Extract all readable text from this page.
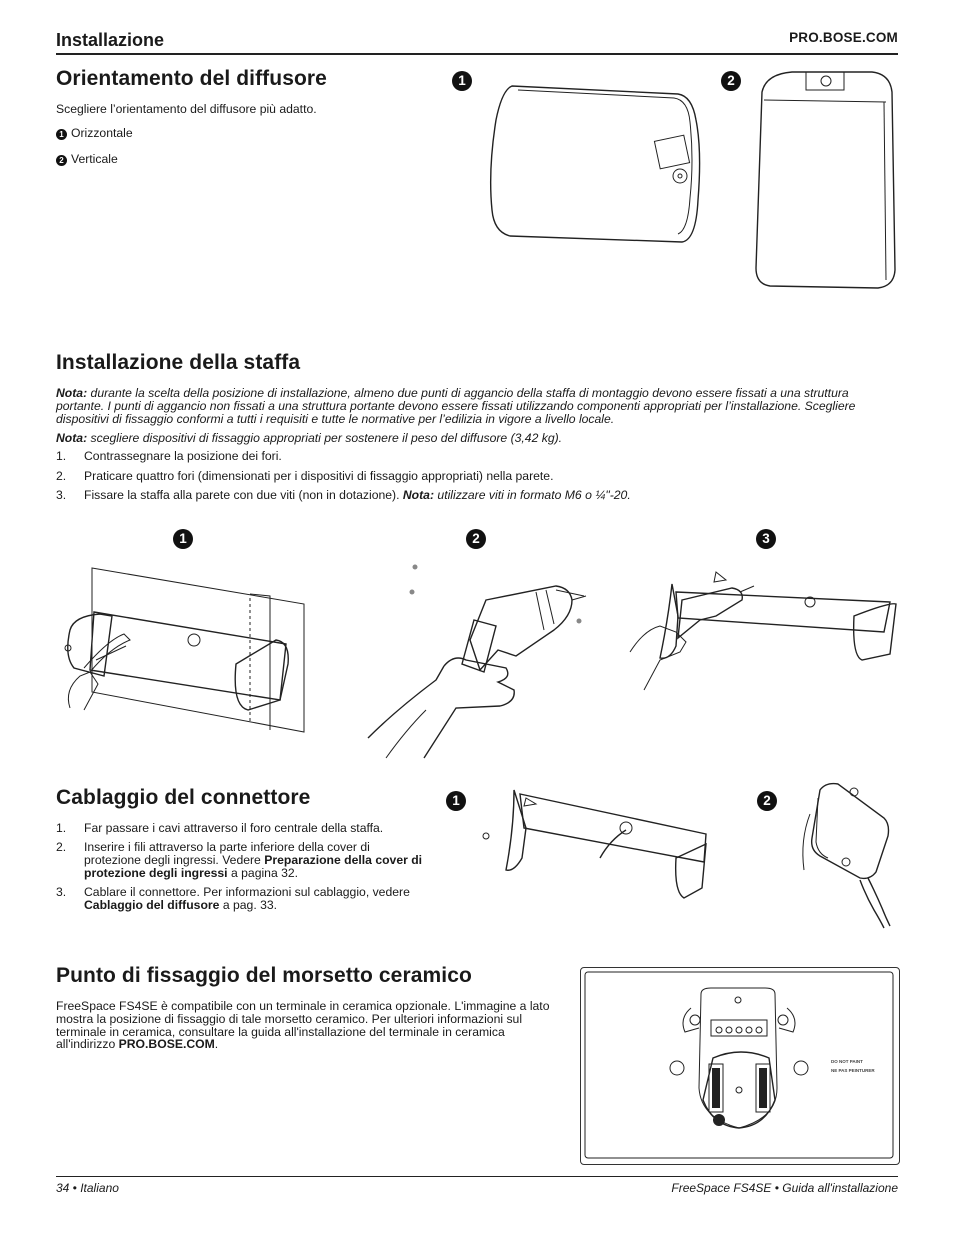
Installazione	PRO.BOSE.COM
Orientamento del diffusore
Scegliere l’orientamento del diffusore più adatto.
1 Orizzontale
2 Verticale
1	2
Installazione della staffa
Nota: durante la scelta della posizione di installazione, almeno due punti di aggancio della staffa di montaggio devono essere fissati a una struttura portante. I punti di aggancio non fissati a una struttura portante devono essere fissati utilizzando componenti appropriati per l’installazione. Scegliere dispositivi di fissaggio conformi a tutti i requisiti e tutte le normative per l’edilizia in vigore a livello locale.
Nota: scegliere dispositivi di fissaggio appropriati per sostenere il peso del diffusore (3,42 kg).
1. Contrassegnare la posizione dei fori.
2. Praticare quattro fori (dimensionati per i dispositivi di fissaggio appropriati) nella parete.
3. Fissare la staffa alla parete con due viti (non in dotazione). Nota: utilizzare viti in formato M6 o ¼"-20.
1	2	3
Cablaggio del connettore
1. Far passare i cavi attraverso il foro centrale della staffa.
2. Inserire i fili attraverso la parte inferiore della cover di protezione degli ingressi. Vedere Preparazione della cover di protezione degli ingressi a pagina 32.
3. Cablare il connettore. Per informazioni sul cablaggio, vedere Cablaggio del diffusore a pag. 33.
1	2
Punto di fissaggio del morsetto ceramico
FreeSpace FS4SE è compatibile con un terminale in ceramica opzionale. L'immagine a lato mostra la posizione di fissaggio di tale morsetto ceramico. Per ulteriori informazioni sul terminale in ceramica, consultare la guida all'installazione del terminale in ceramica all'indirizzo PRO.BOSE.COM.
DO NOT PAINT
NE PAS PEINTURER
34 • Italiano	FreeSpace FS4SE • Guida all'installazione
